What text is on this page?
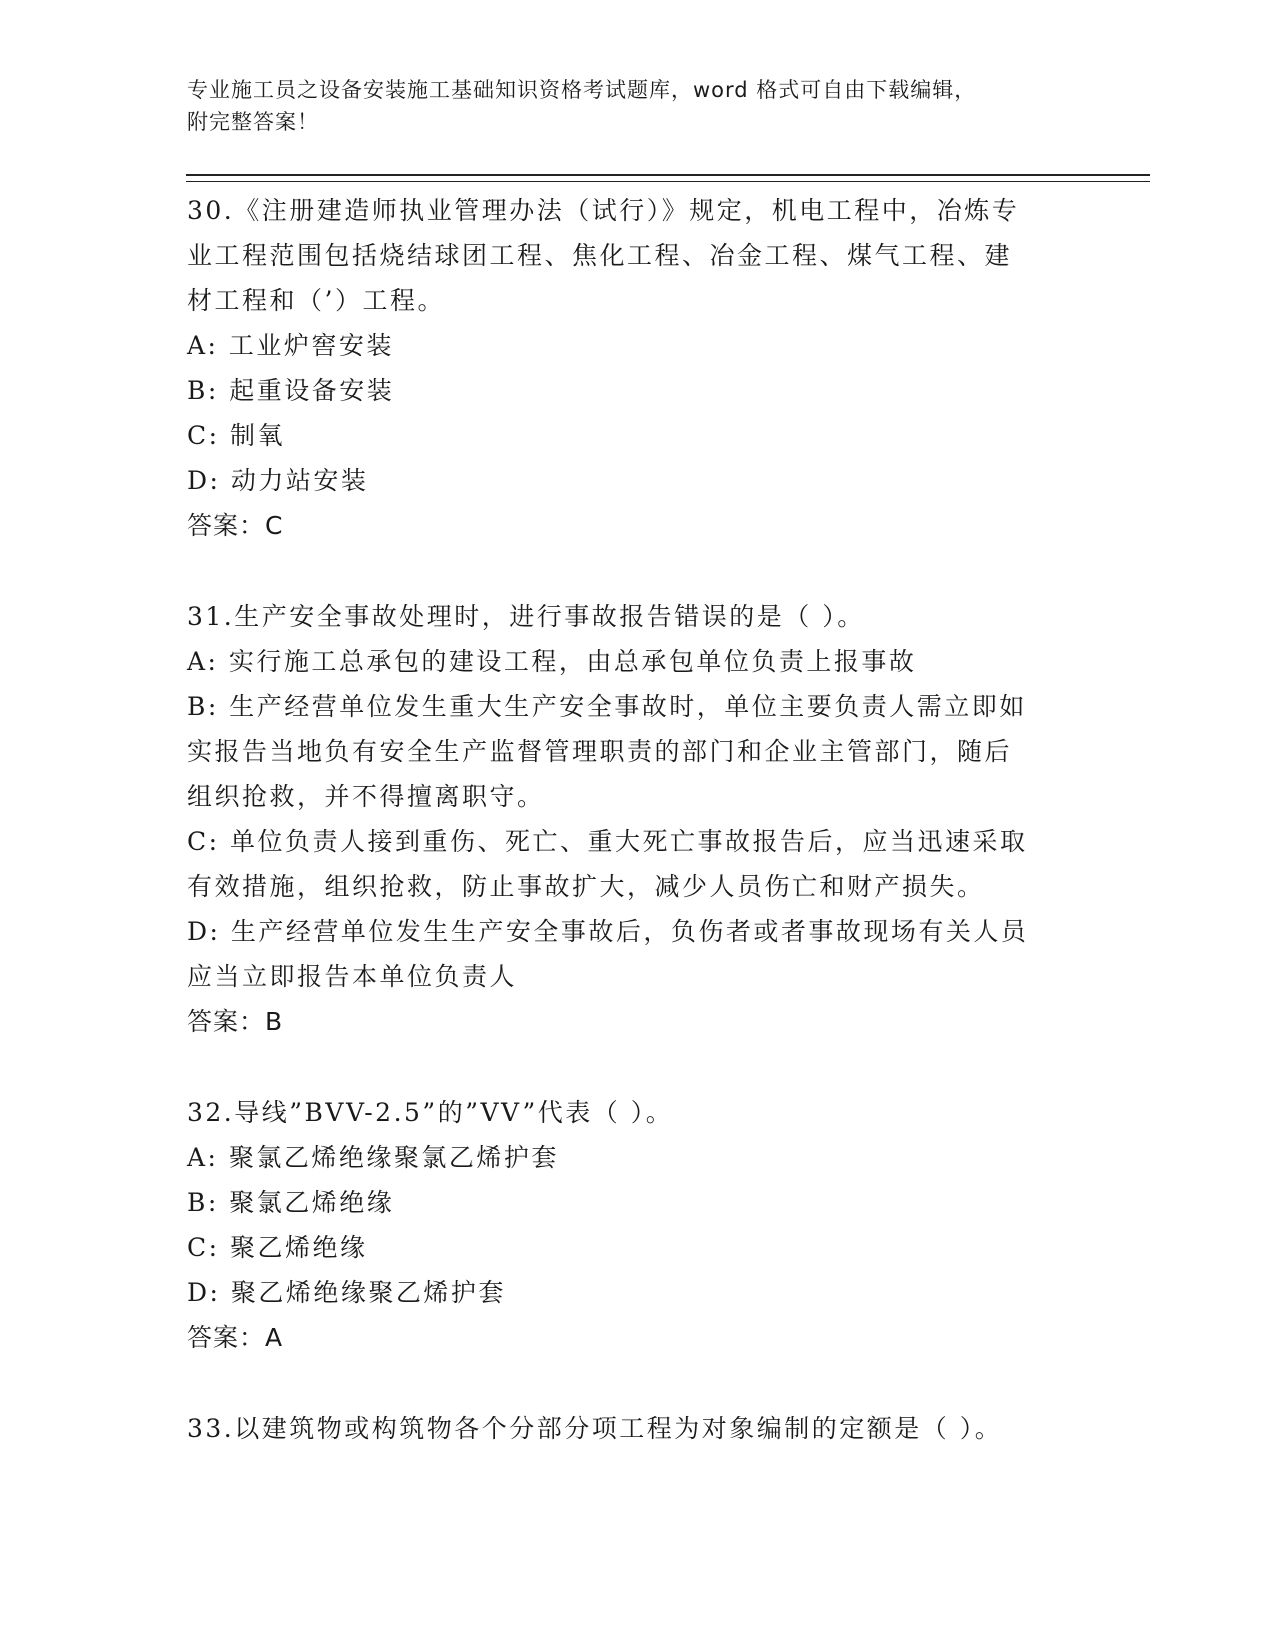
专业施工员之设备安装施工基础知识资格考试题库，word 格式可自由下载编辑，
附完整答案！

30.《注册建造师执业管理办法（试行）》规定，机电工程中，冶炼专

业工程范围包括烧结球团工程、焦化工程、冶金工程、煤气工程、建

材工程和（’）工程。

A: 工业炉窖安装

B: 起重设备安装

C: 制氧

D: 动力站安装

答案：C

31.生产安全事故处理时，进行事故报告错误的是（ ）。

A: 实行施工总承包的建设工程，由总承包单位负责上报事故

B: 生产经营单位发生重大生产安全事故时，单位主要负责人需立即如

实报告当地负有安全生产监督管理职责的部门和企业主管部门，随后

组织抢救，并不得擅离职守。

C: 单位负责人接到重伤、死亡、重大死亡事故报告后，应当迅速采取

有效措施，组织抢救，防止事故扩大，减少人员伤亡和财产损失。

D: 生产经营单位发生生产安全事故后，负伤者或者事故现场有关人员

应当立即报告本单位负责人

答案：B

32.导线”BVV-2.5”的”VV”代表（ ）。

A: 聚氯乙烯绝缘聚氯乙烯护套

B: 聚氯乙烯绝缘

C: 聚乙烯绝缘

D: 聚乙烯绝缘聚乙烯护套

答案：A

33.以建筑物或构筑物各个分部分项工程为对象编制的定额是（ ）。
